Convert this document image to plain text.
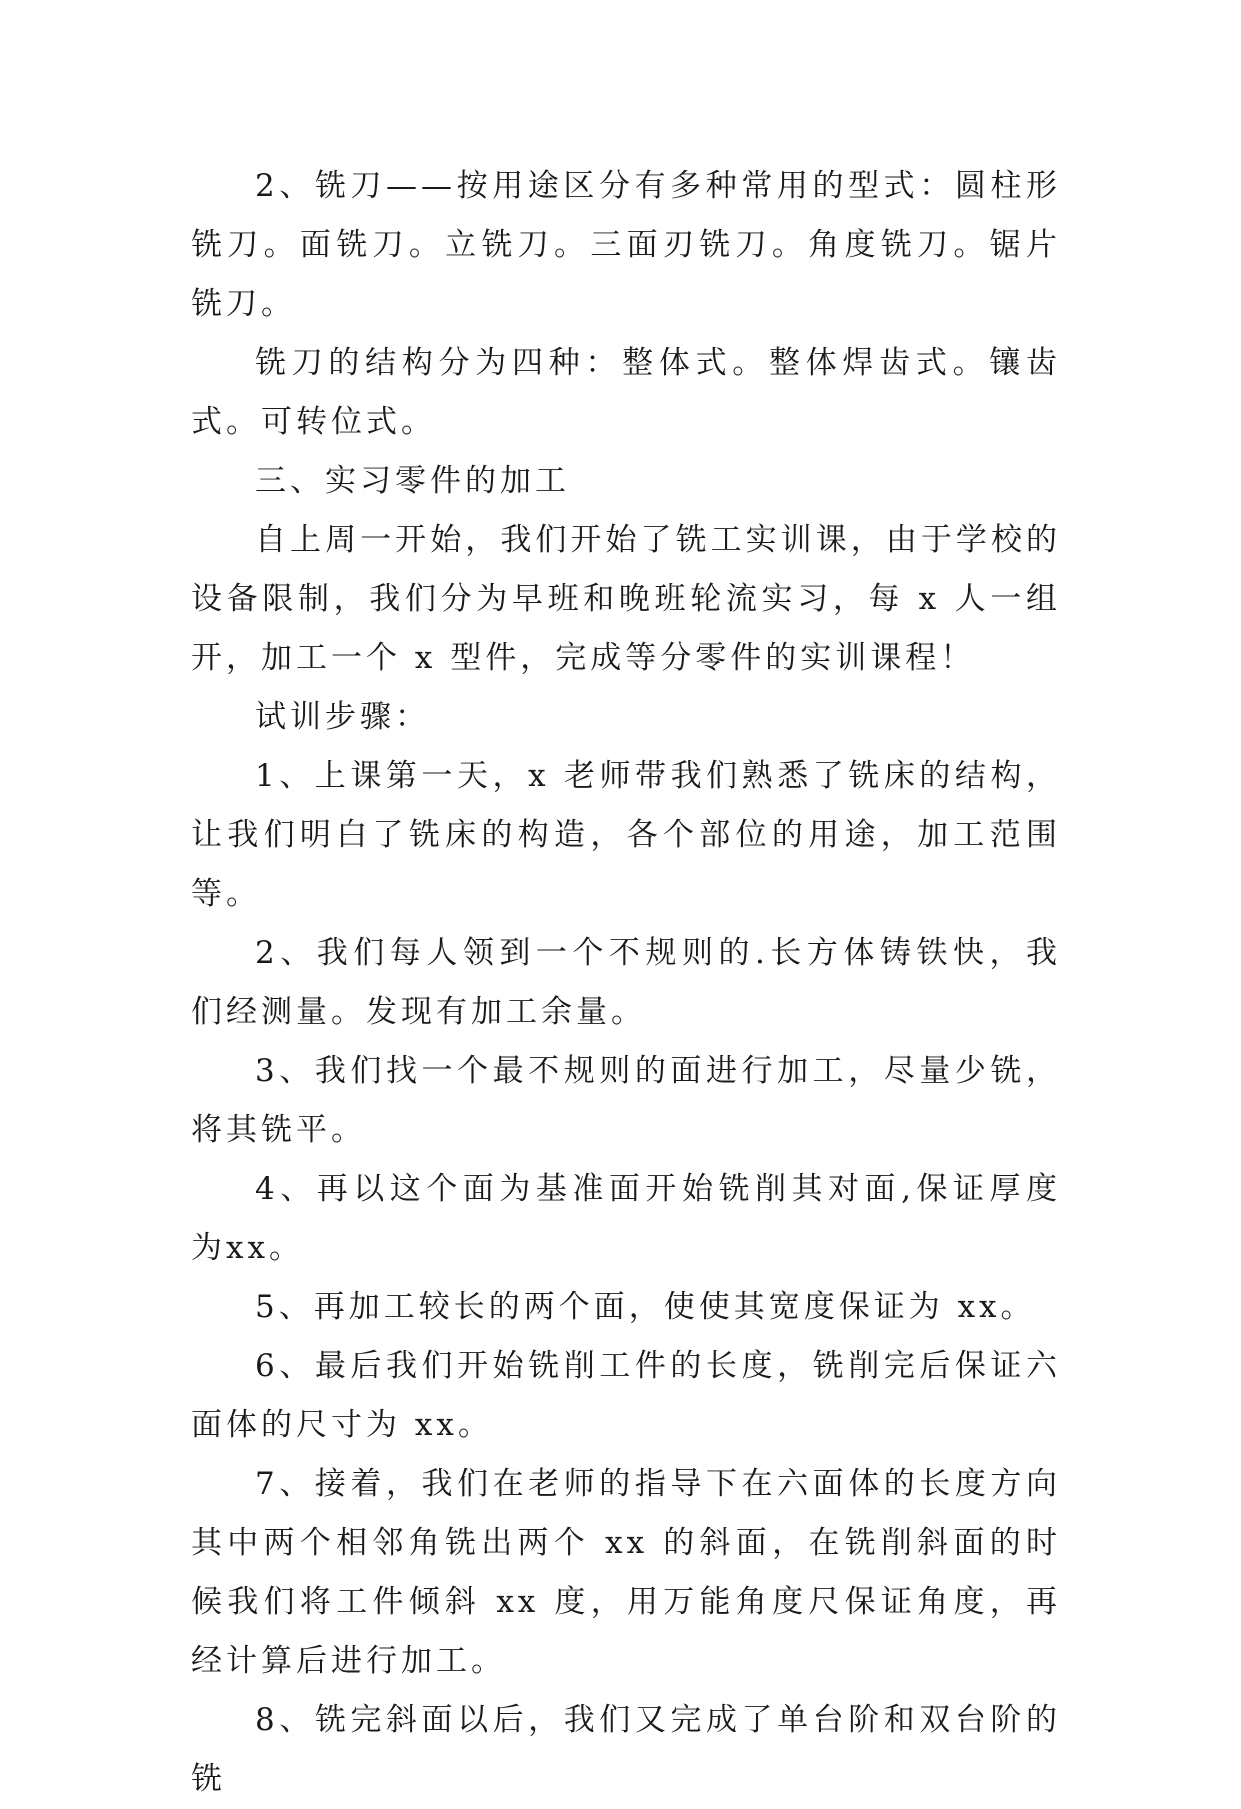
2、铣刀——按用途区分有多种常用的型式：圆柱形铣刀。面铣刀。立铣刀。三面刃铣刀。角度铣刀。锯片铣刀。

铣刀的结构分为四种：整体式。整体焊齿式。镶齿式。可转位式。

三、实习零件的加工

自上周一开始，我们开始了铣工实训课，由于学校的设备限制，我们分为早班和晚班轮流实习，每 x 人一组开，加工一个 x 型件，完成等分零件的实训课程！

试训步骤：

1、上课第一天，x 老师带我们熟悉了铣床的结构，让我们明白了铣床的构造，各个部位的用途，加工范围等。

2、我们每人领到一个不规则的.长方体铸铁快，我们经测量。发现有加工余量。

3、我们找一个最不规则的面进行加工，尽量少铣，将其铣平。

4、再以这个面为基准面开始铣削其对面,保证厚度为xx。

5、再加工较长的两个面，使使其宽度保证为 xx。

6、最后我们开始铣削工件的长度，铣削完后保证六面体的尺寸为 xx。

7、接着，我们在老师的指导下在六面体的长度方向其中两个相邻角铣出两个 xx 的斜面，在铣削斜面的时候我们将工件倾斜 xx 度，用万能角度尺保证角度，再经计算后进行加工。

8、铣完斜面以后，我们又完成了单台阶和双台阶的铣
